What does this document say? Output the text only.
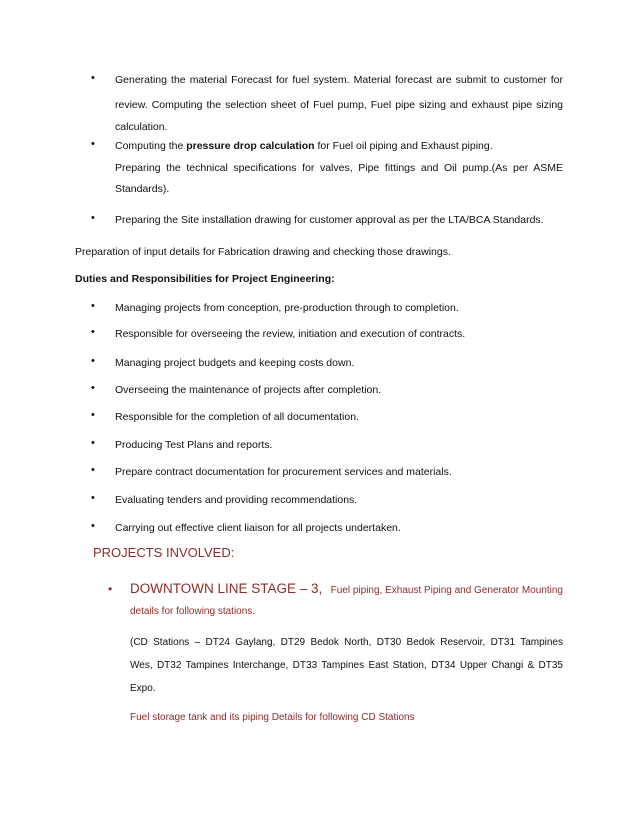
• Generating the material Forecast for fuel system. Material forecast are submit to customer for
review. Computing the selection sheet of Fuel pump, Fuel pipe sizing and exhaust pipe sizing
calculation.
• Computing the pressure drop calculation for Fuel oil piping and Exhaust piping.
Preparing the technical specifications for valves, Pipe fittings and Oil pump.(As per ASME
Standards).
• Preparing the Site installation drawing for customer approval as per the LTA/BCA Standards.
Preparation of input details for Fabrication drawing and checking those drawings.
Duties and Responsibilities for Project Engineering:
• Managing projects from conception, pre-production through to completion.
• Responsible for overseeing the review, initiation and execution of contracts.
• Managing project budgets and keeping costs down.
• Overseeing the maintenance of projects after completion.
• Responsible for the completion of all documentation.
• Producing Test Plans and reports.
• Prepare contract documentation for procurement services and materials.
• Evaluating tenders and providing recommendations.
• Carrying out effective client liaison for all projects undertaken.
PROJECTS INVOLVED:
• DOWNTOWN LINE STAGE – 3, Fuel piping, Exhaust Piping and Generator Mounting
details for following stations.
(CD Stations – DT24 Gaylang, DT29 Bedok North, DT30 Bedok Reservoir, DT31 Tampines
Wes, DT32 Tampines Interchange, DT33 Tampines East Station, DT34 Upper Changi & DT35
Expo.
Fuel storage tank and its piping Details for following CD Stations
